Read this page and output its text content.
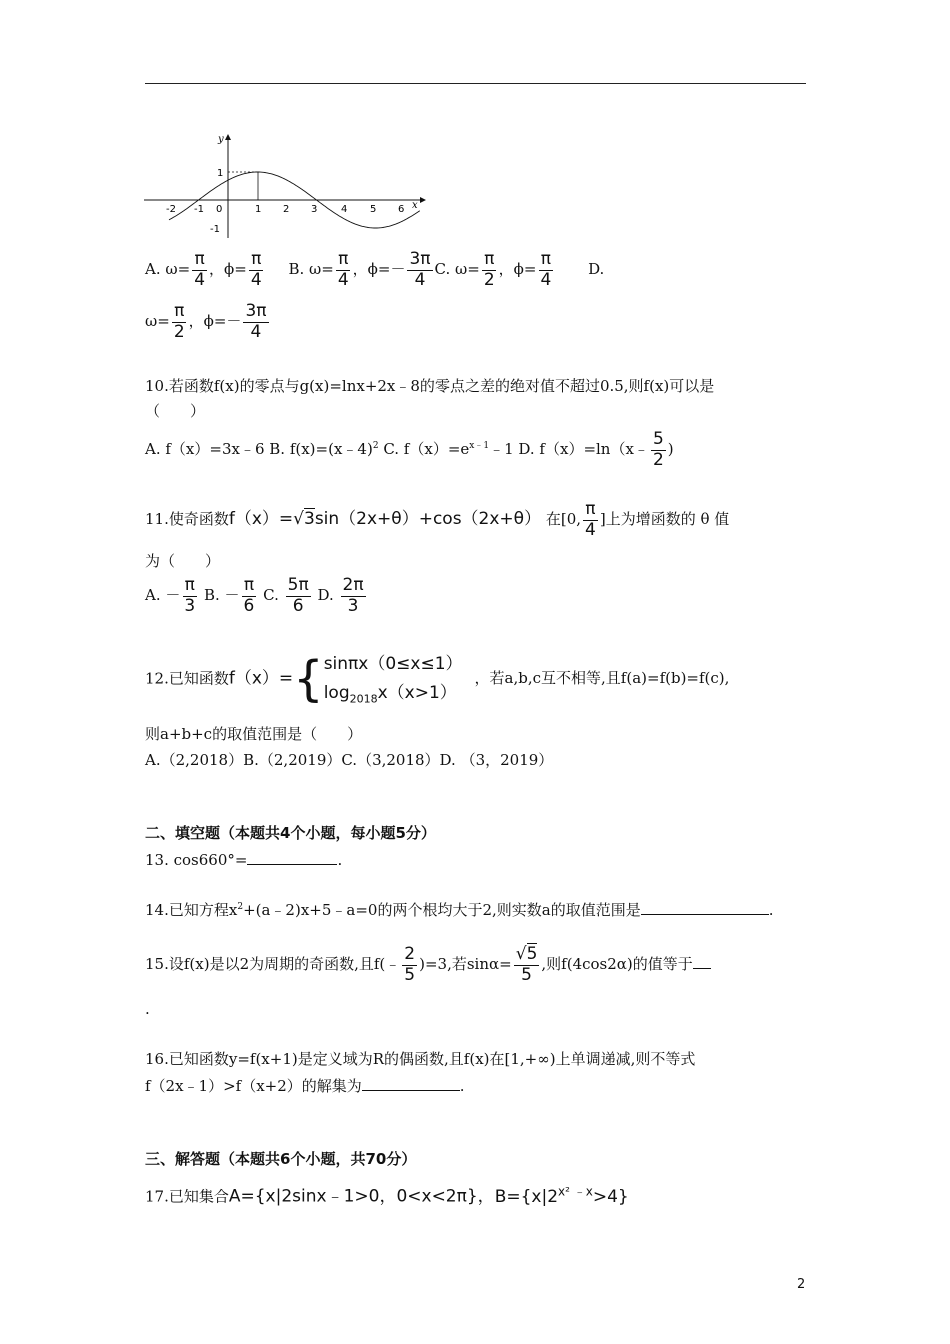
y
x
1
-1
-2 -1 0	1 2 3 4 5 6
A. $\omega= \frac{\pi}{4}$ ，$\phi= \frac{\pi}{4} B$. $\omega= \frac{\pi}{4}$ ，$\phi=- \frac{3\pi}{4} C$. $\omega= \frac{\pi}{2}$ ，$\phi= \frac{\pi}{4} D$.
$\omega= \frac{\pi}{2}$ ，$\phi=- \frac{3\pi}{4}$
10.若函数f(x)的零点与g(x)=lnx+2x﹣8的零点之差的绝对值不超过0.5,则f(x)可以是
（　　）
A. f（x）=3x﹣6 B. f(x)=(x﹣4)$^2$ C. $f(x)=e^{x﹣1}﹣1$ D. f（x）=ln（x﹣ $\frac{5}{2}$ )
11.使奇函数f（x）=√3sin（2x+θ）+cos（2x+θ） 在[0, $\frac{\pi}{4}$ ]上为增函数的 θ 值
为（　　）
A. － $\frac{\pi}{3} B$. － $\frac{\pi}{6} C$. $\frac{5\pi}{6} D$. $\frac{2\pi}{3}$
12.已知函数f（x）={ sinπx（0≤x≤1）
$\log_{2018}x(x>1)$
，若a,b,c互不相等,且f(a)=f(b)=f(c),
则a+b+c的取值范围是（　　）
A.（2,2018）B.（2,2019）C.（3,2018）D. （3，2019）
二、填空题（本题共4个小题，每小题5分）
13. cos660°=	.
14.已知方程$x^2+(a﹣2)x+5﹣a=0$的两个根均大于2,则实数a的取值范围是	.
15.设f(x)是以2为周期的奇函数,且f(﹣ $\frac{2}{5} )=3$,若$\sin\alpha= \frac{√5}{5}$ ,则f(4cos2α)的值等于
.
16.已知函数y=f(x+1)是定义域为R的偶函数,且f(x)在[1,+∞)上单调递减,则不等式
f（2x﹣1）>f（x+2）的解集为	.
三、解答题（本题共6个小题，共70分）
17.已知集合A={x|2sinx﹣1>0，0<x<2π}，$B=\{x|2^{x^2 ﹣x}>4\}$
2
